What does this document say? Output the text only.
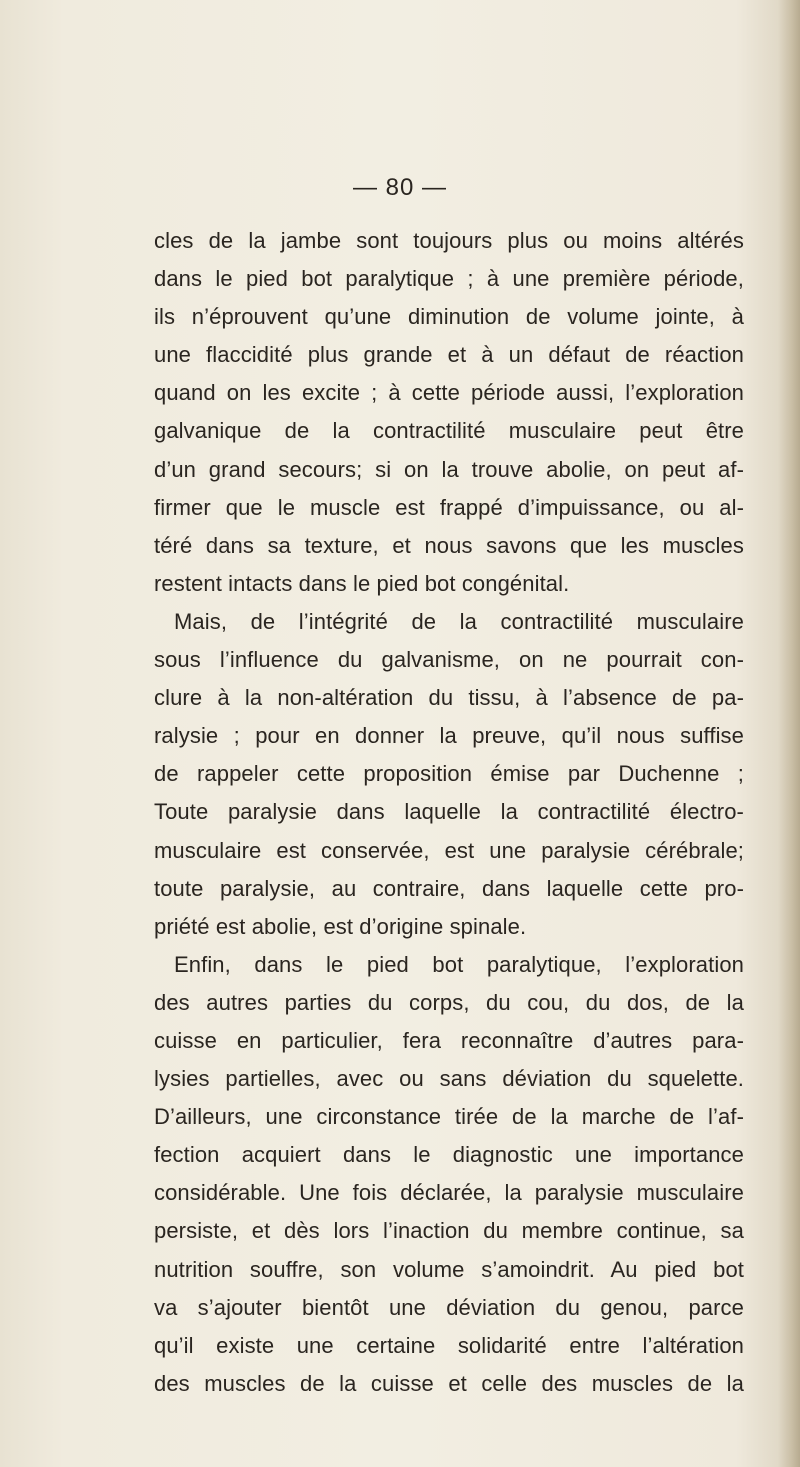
— 80 —
cles de la jambe sont toujours plus ou moins altérés
dans le pied bot paralytique ; à une première période,
ils n’éprouvent qu’une diminution de volume jointe, à
une flaccidité plus grande et à un défaut de réaction
quand on les excite ; à cette période aussi, l’exploration
galvanique de la contractilité musculaire peut être
d’un grand secours; si on la trouve abolie, on peut af-
firmer que le muscle est frappé d’impuissance, ou al-
téré dans sa texture, et nous savons que les muscles
restent intacts dans le pied bot congénital.
Mais, de l’intégrité de la contractilité musculaire
sous l’influence du galvanisme, on ne pourrait con-
clure à la non-altération du tissu, à l’absence de pa-
ralysie ; pour en donner la preuve, qu’il nous suffise
de rappeler cette proposition émise par Duchenne ;
Toute paralysie dans laquelle la contractilité électro-
musculaire est conservée, est une paralysie cérébrale;
toute paralysie, au contraire, dans laquelle cette pro-
priété est abolie, est d’origine spinale.
Enfin, dans le pied bot paralytique, l’exploration
des autres parties du corps, du cou, du dos, de la
cuisse en particulier, fera reconnaître d’autres para-
lysies partielles, avec ou sans déviation du squelette.
D’ailleurs, une circonstance tirée de la marche de l’af-
fection acquiert dans le diagnostic une importance
considérable. Une fois déclarée, la paralysie musculaire
persiste, et dès lors l’inaction du membre continue, sa
nutrition souffre, son volume s’amoindrit. Au pied bot
va s’ajouter bientôt une déviation du genou, parce
qu’il existe une certaine solidarité entre l’altération
des muscles de la cuisse et celle des muscles de la
